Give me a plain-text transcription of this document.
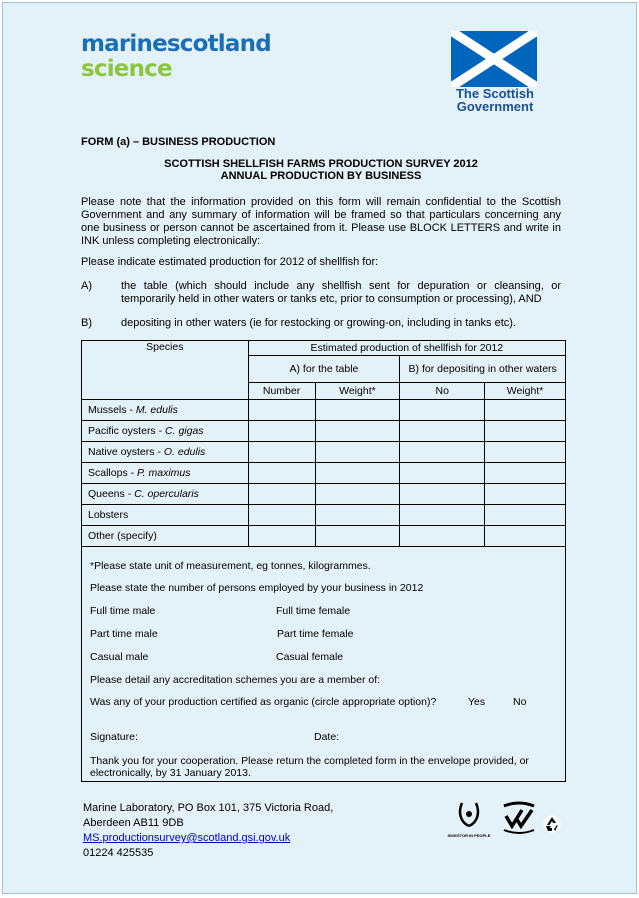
marinescotland
science
The Scottish
Government
FORM (a) – BUSINESS PRODUCTION
SCOTTISH SHELLFISH FARMS PRODUCTION SURVEY 2012
ANNUAL PRODUCTION BY BUSINESS
Please note that the information provided on this form will remain confidential to the Scottish Government and any summary of information will be framed so that particulars concerning any one business or person cannot be ascertained from it. Please use BLOCK LETTERS and write in INK unless completing electronically:
Please indicate estimated production for 2012 of shellfish for:
A)	the table (which should include any shellfish sent for depuration or cleansing, or temporarily held in other waters or tanks etc, prior to consumption or processing), AND
B)	depositing in other waters (ie for restocking or growing-on, including in tanks etc).
Species	Estimated production of shellfish for 2012			
	A) for the table		B) for depositing in other waters	
	Number	Weight*	No	Weight*
Mussels - M. edulis				
Pacific oysters - C. gigas				
Native oysters - O. edulis				
Scallops - P. maximus				
Queens - C. opercularis				
Lobsters				
Other (specify)				
*Please state unit of measurement, eg tonnes, kilogrammes.
Please state the number of persons employed by your business in 2012
Full time male	Full time female
Part time male	Part time female
Casual male	Casual female
Please detail any accreditation schemes you are a member of:
Was any of your production certified as organic (circle appropriate option)?	Yes	No
Signature:	Date:
Thank you for your cooperation. Please return the completed form in the envelope provided, or
electronically, by 31 January 2013.
Marine Laboratory, PO Box 101, 375 Victoria Road,
Aberdeen AB11 9DB
MS.productionsurvey@scotland.gsi.gov.uk
01224 425535
INVESTOR IN PEOPLE
